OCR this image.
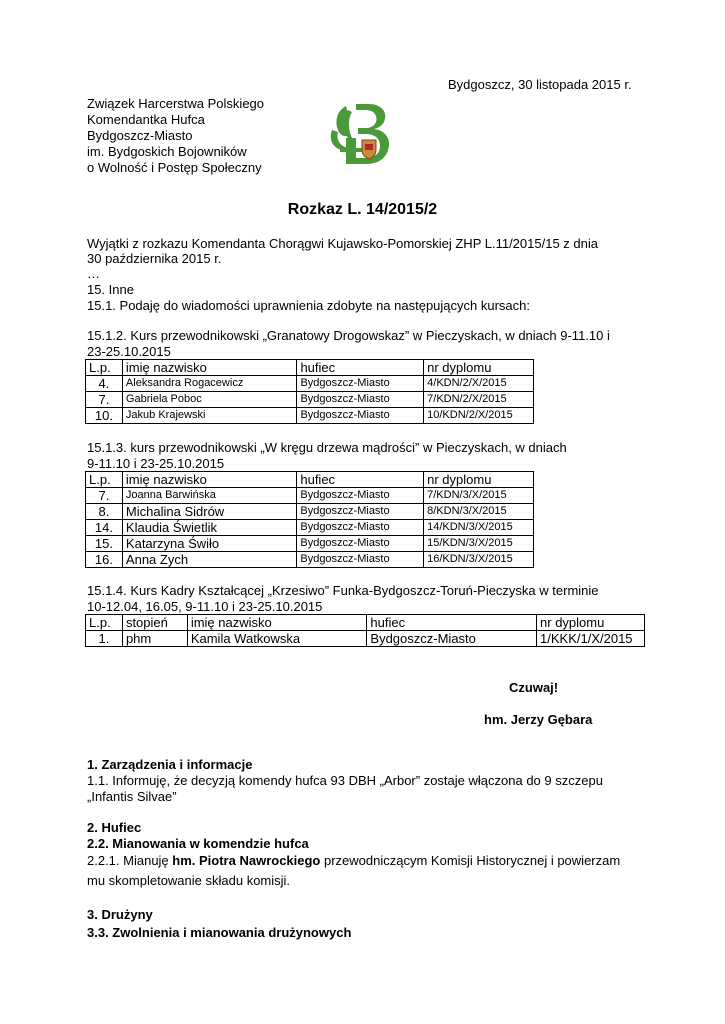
Bydgoszcz, 30 listopada 2015 r.
Związek Harcerstwa Polskiego
Komendantka Hufca
Bydgoszcz-Miasto
im. Bydgoskich Bojowników
o Wolność i Postęp Społeczny
Rozkaz L. 14/2015/2
Wyjątki z rozkazu Komendanta Chorągwi Kujawsko-Pomorskiej ZHP L.11/2015/15 z dnia
30 października 2015 r.
…
15. Inne
15.1. Podaję do wiadomości uprawnienia zdobyte na następujących kursach:
15.1.2. Kurs przewodnikowski „Granatowy Drogowskaz” w Pieczyskach, w dniach 9-11.10 i
23-25.10.2015
L.p.	imię nazwisko	hufiec	nr dyplomu
4.	Aleksandra Rogacewicz	Bydgoszcz-Miasto	4/KDN/2/X/2015
7.	Gabriela Poboc	Bydgoszcz-Miasto	7/KDN/2/X/2015
10.	Jakub Krajewski	Bydgoszcz-Miasto	10/KDN/2/X/2015
15.1.3. kurs przewodnikowski „W kręgu drzewa mądrości” w Pieczyskach, w dniach
9-11.10 i 23-25.10.2015
L.p.	imię nazwisko	hufiec	nr dyplomu
7.	Joanna Barwińska	Bydgoszcz-Miasto	7/KDN/3/X/2015
8.	Michalina Sidrów	Bydgoszcz-Miasto	8/KDN/3/X/2015
14.	Klaudia Świetlik	Bydgoszcz-Miasto	14/KDN/3/X/2015
15.	Katarzyna Świło	Bydgoszcz-Miasto	15/KDN/3/X/2015
16.	Anna Zych	Bydgoszcz-Miasto	16/KDN/3/X/2015
15.1.4. Kurs Kadry Kształcącej „Krzesiwo” Funka-Bydgoszcz-Toruń-Pieczyska w terminie
10-12.04, 16.05, 9-11.10 i 23-25.10.2015
L.p.	stopień	imię nazwisko	hufiec	nr dyplomu
1.	phm	Kamila Watkowska	Bydgoszcz-Miasto	1/KKK/1/X/2015
Czuwaj!
hm. Jerzy Gębara
1. Zarządzenia i informacje
1.1. Informuję, że decyzją komendy hufca 93 DBH „Arbor” zostaje włączona do 9 szczepu
„Infantis Silvae”
2. Hufiec
2.2. Mianowania w komendzie hufca
2.2.1. Mianuję hm. Piotra Nawrockiego przewodniczącym Komisji Historycznej i powierzam
mu skompletowanie składu komisji.
3. Drużyny
3.3. Zwolnienia i mianowania drużynowych
